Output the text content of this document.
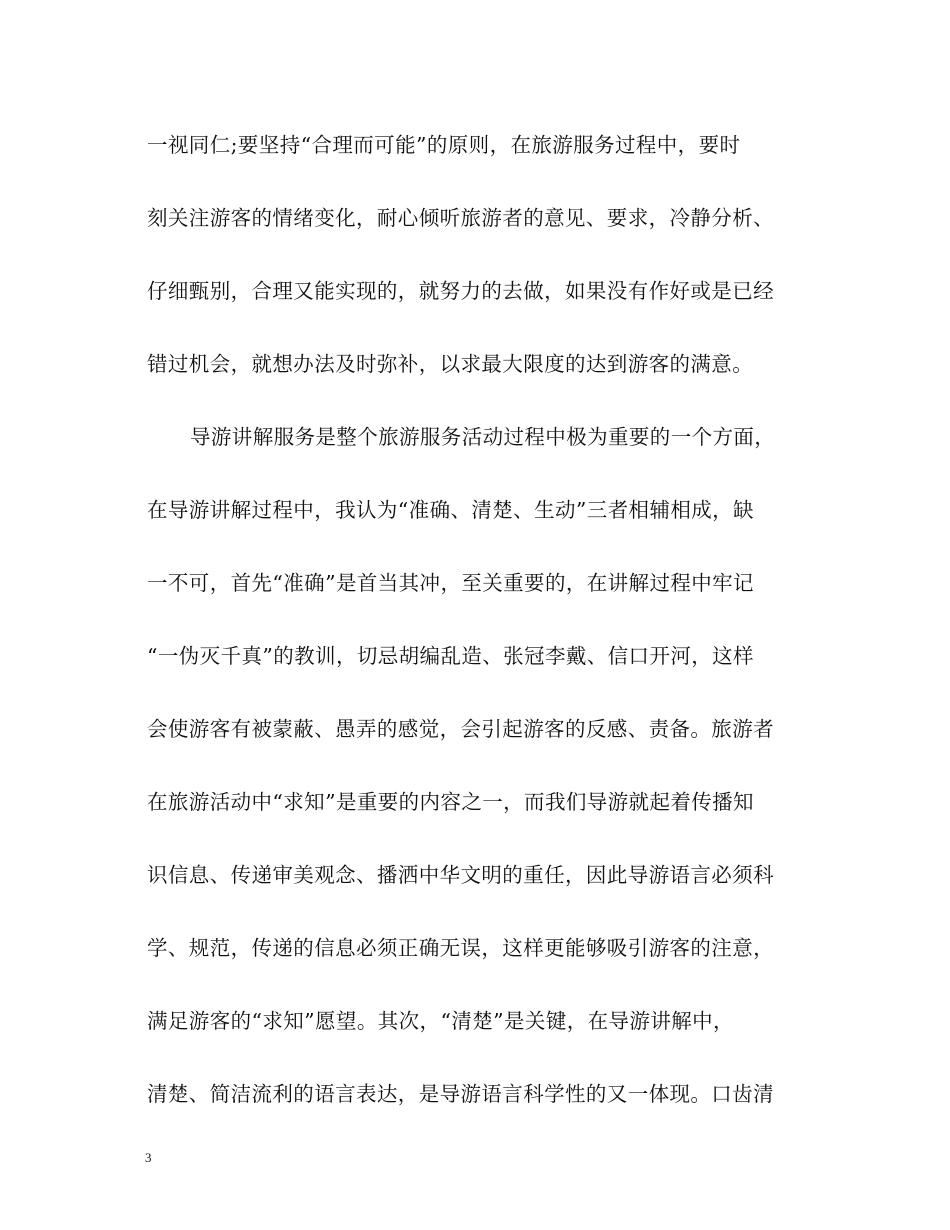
一视同仁;要坚持“合理而可能”的原则，在旅游服务过程中，要时
刻关注游客的情绪变化，耐心倾听旅游者的意见、要求，冷静分析、
仔细甄别，合理又能实现的，就努力的去做，如果没有作好或是已经
错过机会，就想办法及时弥补，以求最大限度的达到游客的满意。
导游讲解服务是整个旅游服务活动过程中极为重要的一个方面，
在导游讲解过程中，我认为“准确、清楚、生动”三者相辅相成，缺
一不可，首先“准确”是首当其冲，至关重要的，在讲解过程中牢记
“一伪灭千真”的教训，切忌胡编乱造、张冠李戴、信口开河，这样
会使游客有被蒙蔽、愚弄的感觉，会引起游客的反感、责备。旅游者
在旅游活动中“求知”是重要的内容之一，而我们导游就起着传播知
识信息、传递审美观念、播洒中华文明的重任，因此导游语言必须科
学、规范，传递的信息必须正确无误，这样更能够吸引游客的注意，
满足游客的“求知”愿望。其次，“清楚”是关键，在导游讲解中，
清楚、简洁流利的语言表达，是导游语言科学性的又一体现。口齿清
3
